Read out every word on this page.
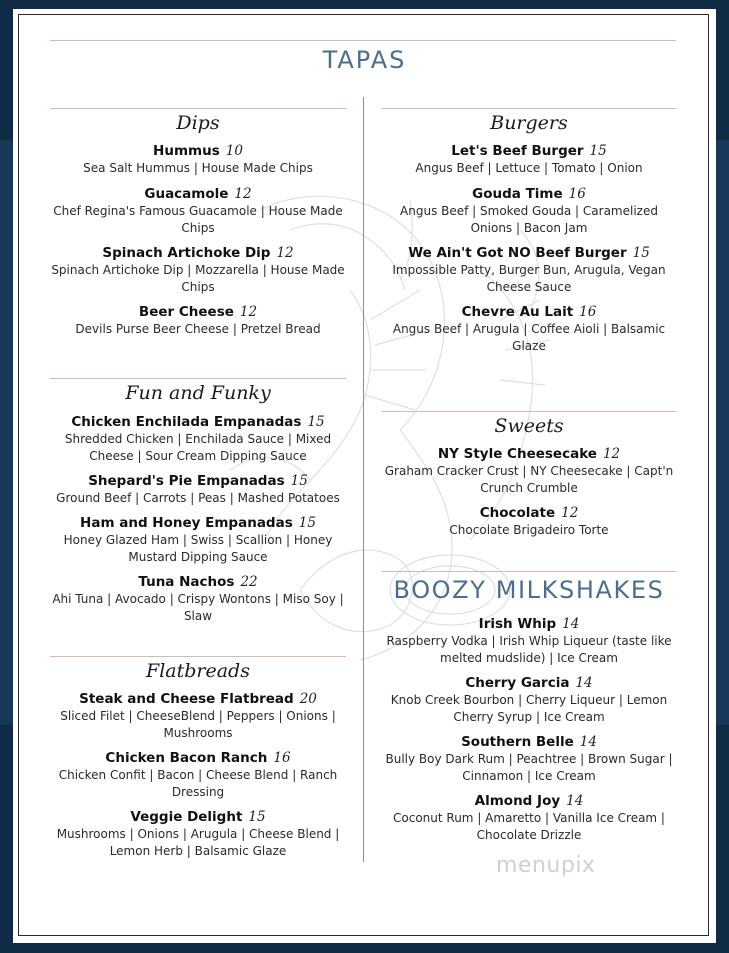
TAPAS
Dips
Hummus 10
Sea Salt Hummus | House Made Chips
Guacamole 12
Chef Regina's Famous Guacamole | House Made Chips
Spinach Artichoke Dip 12
Spinach Artichoke Dip | Mozzarella | House Made Chips
Beer Cheese 12
Devils Purse Beer Cheese | Pretzel Bread
Fun and Funky
Chicken Enchilada Empanadas 15
Shredded Chicken | Enchilada Sauce | Mixed Cheese | Sour Cream Dipping Sauce
Shepard's Pie Empanadas 15
Ground Beef | Carrots | Peas | Mashed Potatoes
Ham and Honey Empanadas 15
Honey Glazed Ham | Swiss | Scallion | Honey Mustard Dipping Sauce
Tuna Nachos 22
Ahi Tuna | Avocado | Crispy Wontons | Miso Soy | Slaw
Flatbreads
Steak and Cheese Flatbread 20
Sliced Filet | CheeseBlend | Peppers | Onions | Mushrooms
Chicken Bacon Ranch 16
Chicken Confit | Bacon | Cheese Blend | Ranch Dressing
Veggie Delight 15
Mushrooms | Onions | Arugula | Cheese Blend | Lemon Herb | Balsamic Glaze
Burgers
Let's Beef Burger 15
Angus Beef | Lettuce | Tomato | Onion
Gouda Time 16
Angus Beef | Smoked Gouda | Caramelized Onions | Bacon Jam
We Ain't Got NO Beef Burger 15
Impossible Patty, Burger Bun, Arugula, Vegan Cheese Sauce
Chevre Au Lait 16
Angus Beef | Arugula | Coffee Aioli | Balsamic Glaze
Sweets
NY Style Cheesecake 12
Graham Cracker Crust | NY Cheesecake | Capt'n Crunch Crumble
Chocolate 12
Chocolate Brigadeiro Torte
BOOZY MILKSHAKES
Irish Whip 14
Raspberry Vodka | Irish Whip Liqueur (taste like melted mudslide) | Ice Cream
Cherry Garcia 14
Knob Creek Bourbon | Cherry Liqueur | Lemon Cherry Syrup | Ice Cream
Southern Belle 14
Bully Boy Dark Rum | Peachtree | Brown Sugar | Cinnamon | Ice Cream
Almond Joy 14
Coconut Rum | Amaretto | Vanilla Ice Cream | Chocolate Drizzle
menupix
